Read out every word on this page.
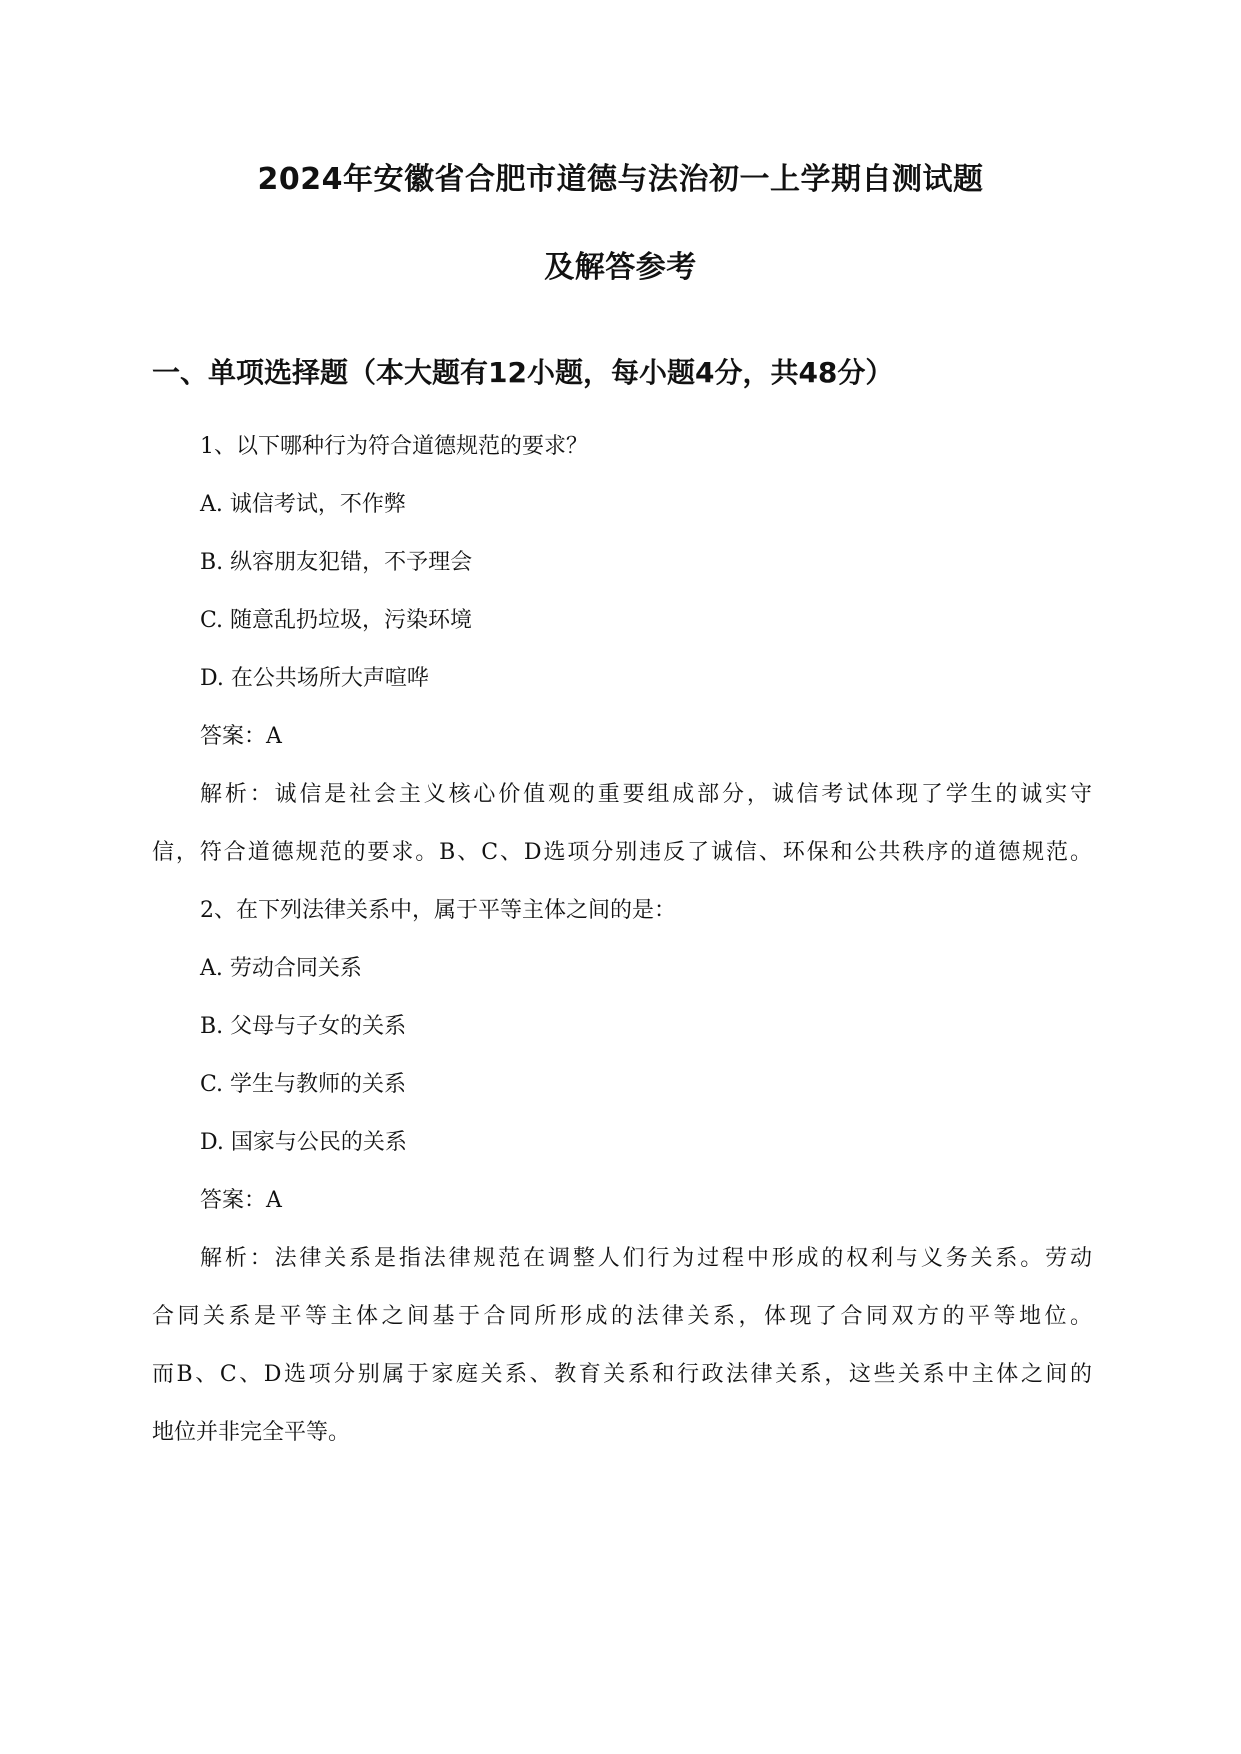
2024年安徽省合肥市道德与法治初一上学期自测试题
及解答参考
一、单项选择题（本大题有12小题，每小题4分，共48分）
1、以下哪种行为符合道德规范的要求？
A. 诚信考试，不作弊
B. 纵容朋友犯错，不予理会
C. 随意乱扔垃圾，污染环境
D. 在公共场所大声喧哗
答案：A
解析：诚信是社会主义核心价值观的重要组成部分，诚信考试体现了学生的诚实守
信，符合道德规范的要求。B、C、D选项分别违反了诚信、环保和公共秩序的道德规范。
2、在下列法律关系中，属于平等主体之间的是：
A. 劳动合同关系
B. 父母与子女的关系
C. 学生与教师的关系
D. 国家与公民的关系
答案：A
解析：法律关系是指法律规范在调整人们行为过程中形成的权利与义务关系。劳动
合同关系是平等主体之间基于合同所形成的法律关系，体现了合同双方的平等地位。
而B、C、D选项分别属于家庭关系、教育关系和行政法律关系，这些关系中主体之间的
地位并非完全平等。
